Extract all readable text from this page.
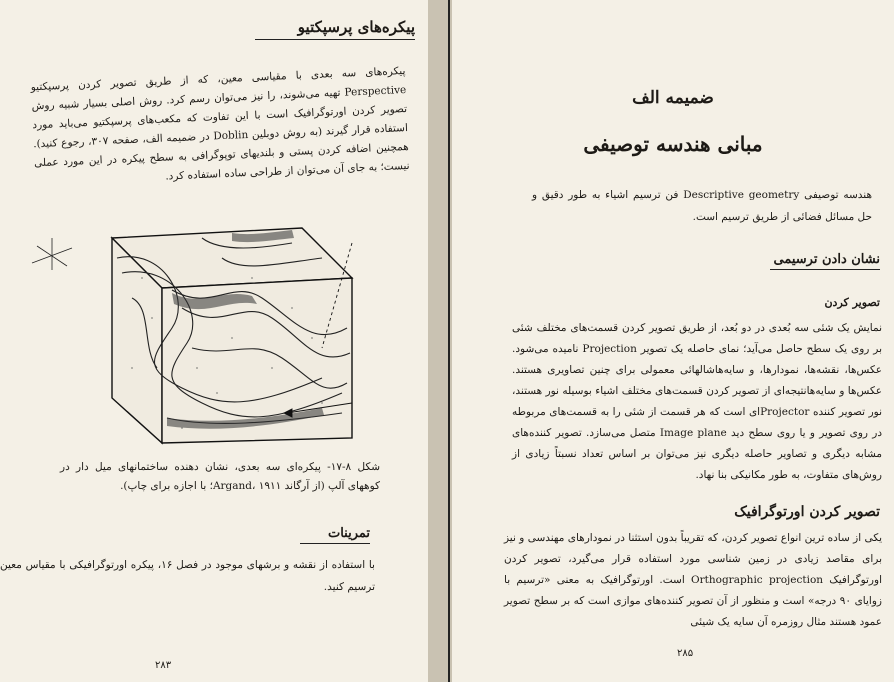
پیکره‌های پرسپکتیو
پیکره‌های سه بعدی با مقیاسی معین، که از طریق تصویر کردن پرسپکتیو Perspective تهیه می‌شوند، را نیز می‌توان رسم کرد. روش اصلی بسیار شبیه روش تصویر کردن اورتوگرافیک است با این تفاوت که مکعب‌های پرسپکتیو می‌باید مورد استفاده قرار گیرند (به روش دوبلین Doblin در ضمیمه الف، صفحه ۳۰۷، رجوع کنید). همچنین اضافه کردن پستی و بلندیهای توپوگرافی به سطح پیکره در این مورد عملی نیست؛ به جای آن می‌توان از طراحی ساده استفاده کرد.
شکل ۸-۱۷- پیکره‌ای سه بعدی، نشان دهنده ساختمانهای میل دار در کوههای آلپ (از آرگاند Argand، ۱۹۱۱؛ با اجازه برای چاپ).
تمرینات
با استفاده از نقشه و برشهای موجود در فصل ۱۶، پیکره اورتوگرافیکی با مقیاس معین ترسیم کنید.
۲۸۳
ضمیمه الف
مبانی هندسه توصیفی
هندسه توصیفی Descriptive geometry فن ترسیم اشیاء به طور دقیق و حل مسائل فضائی از طریق ترسیم است.
نشان دادن ترسیمی
تصویر کردن
نمایش یک شئی سه بُعدی در دو بُعد، از طریق تصویر کردن قسمت‌های مختلف شئی بر روی یک سطح حاصل می‌آید؛ نمای حاصله یک تصویر Projection نامیده می‌شود. عکس‌ها، نقشه‌ها، نمودارها، و سایه‌هاشالهائی معمولی برای چنین تصاویری هستند. عکس‌ها و سایه‌هانتیجه‌ای از تصویر کردن قسمت‌های مختلف اشیاء بوسیله نور هستند، نور تصویر کننده Projector‌ای است که هر قسمت از شئی را به قسمت‌های مربوطه در روی تصویر و یا روی سطح دید Image plane متصل می‌سازد. تصویر کننده‌های مشابه دیگری و تصاویر حاصله دیگری نیز می‌توان بر اساس تعداد نسبتاً زیادی از روش‌های متفاوت، به طور مکانیکی بنا نهاد.
تصویر کردن اورتوگرافیک
یکی از ساده ترین انواع تصویر کردن، که تقریباً بدون استثنا در نمودارهای مهندسی و نیز برای مقاصد زیادی در زمین شناسی مورد استفاده قرار می‌گیرد، تصویر کردن اورتوگرافیک Orthographic projection است. اورتوگرافیک به معنی «ترسیم با زوایای ۹۰ درجه» است و منظور از آن تصویر کننده‌های موازی است که بر سطح تصویر عمود هستند مثال روزمره آن سایه یک شیئی
۲۸۵
